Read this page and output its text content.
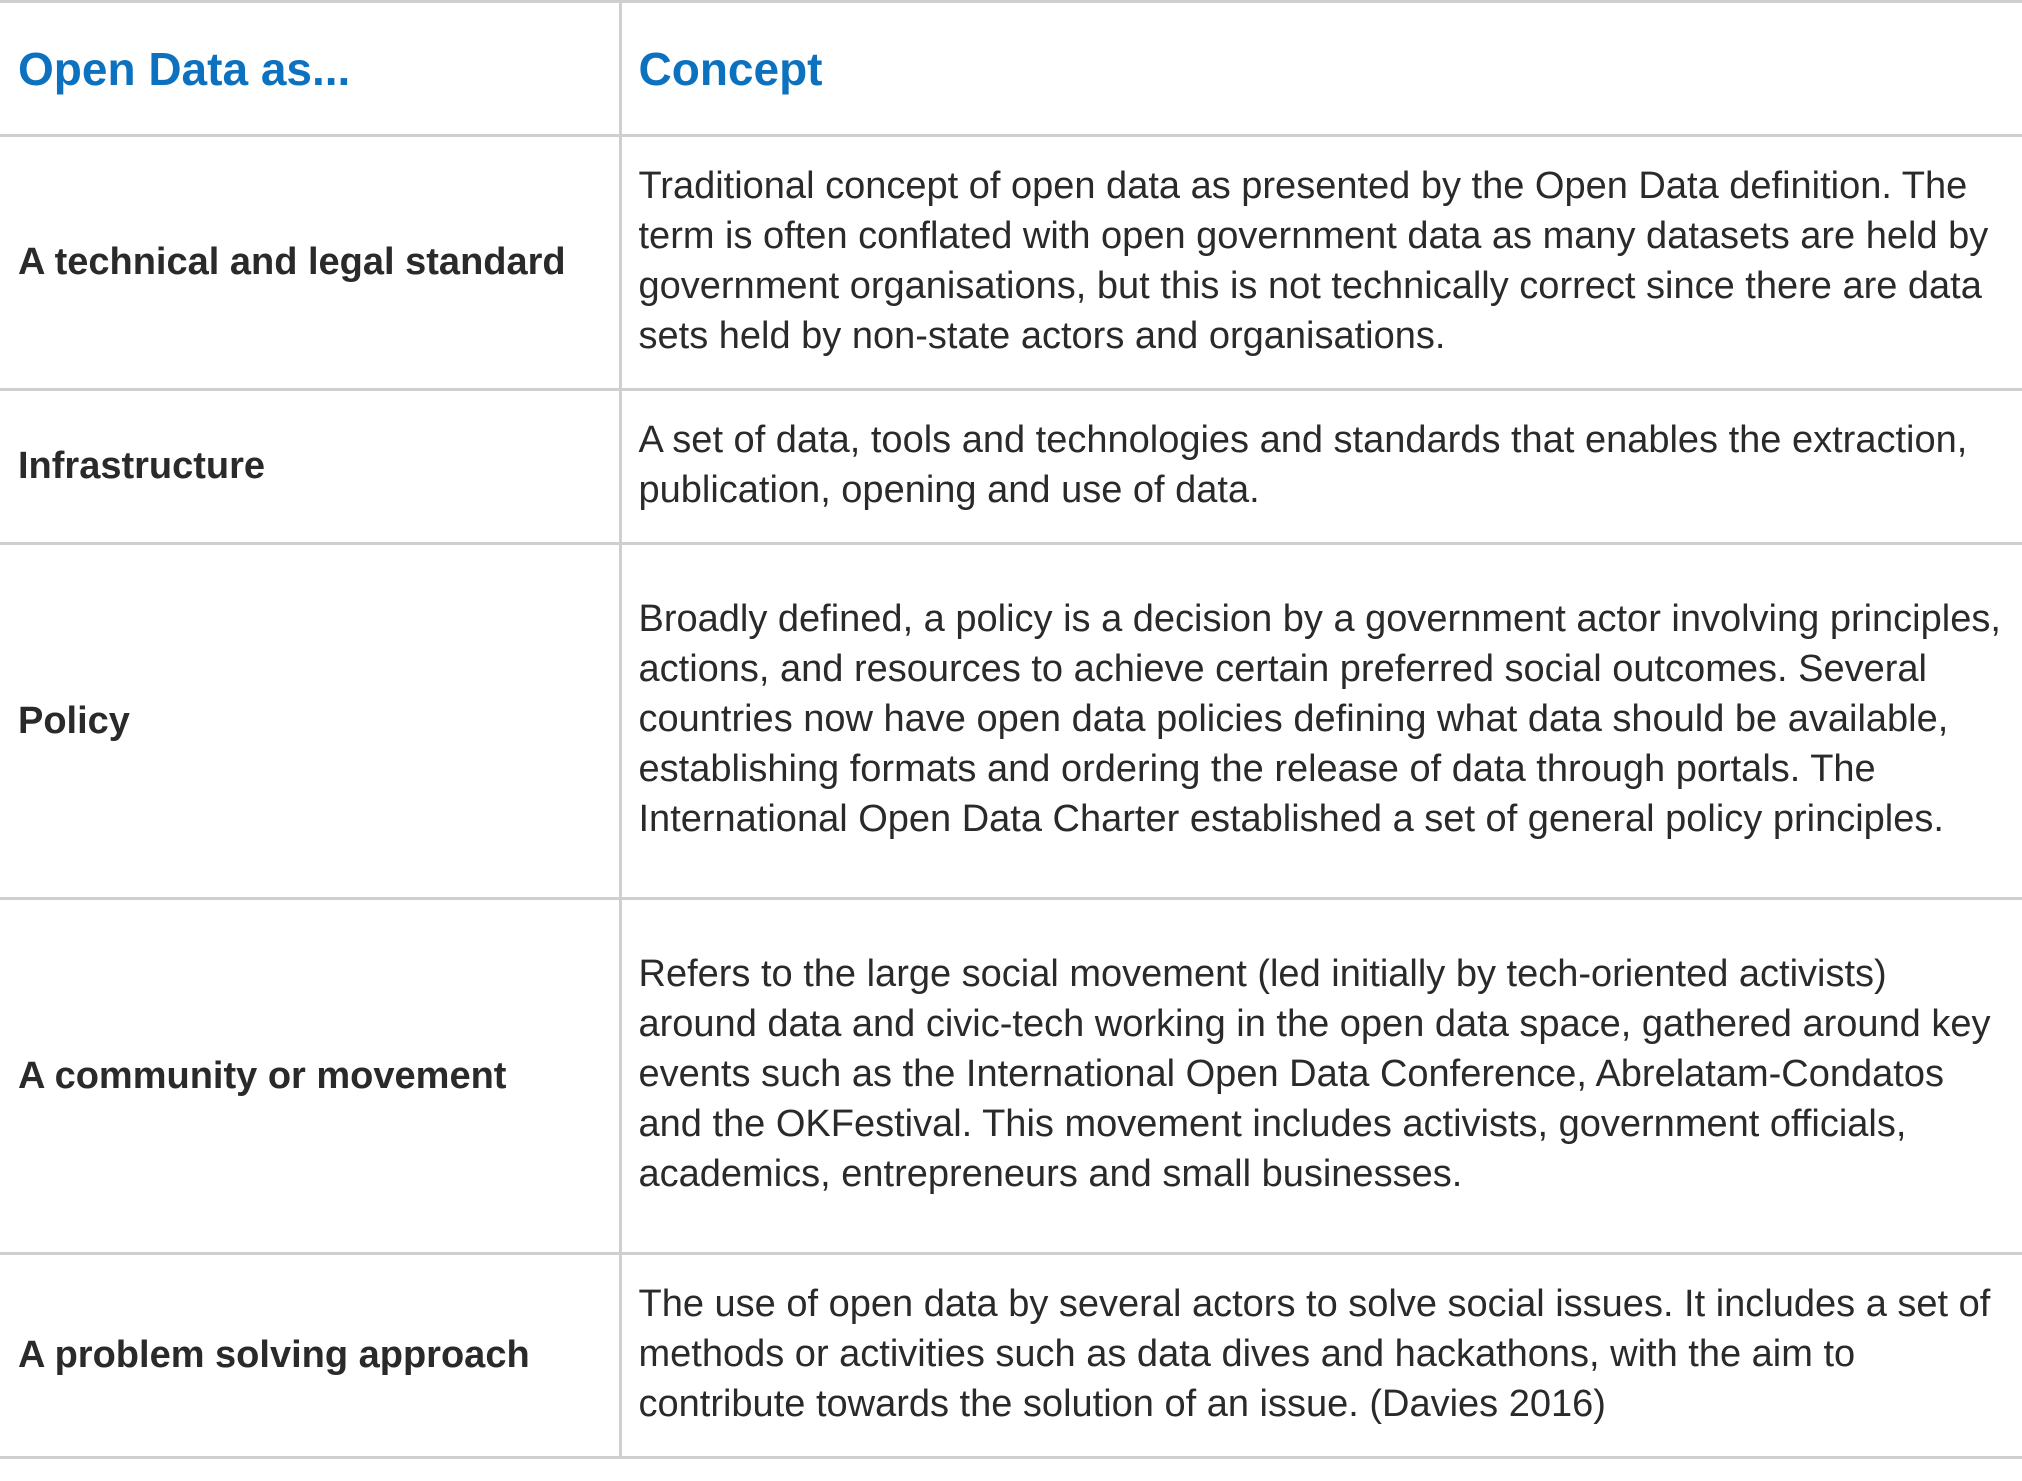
Open Data as...	Concept
A technical and legal standard	Traditional concept of open data as presented by the Open Data definition. The term is often conflated with open government data as many datasets are held by government organisations, but this is not technically correct since there are data sets held by non-state actors and organisations.
Infrastructure	A set of data, tools and technologies and standards that enables the extraction, publication, opening and use of data.
Policy	Broadly defined, a policy is a decision by a government actor involving principles, actions, and resources to achieve certain preferred social outcomes. Several countries now have open data policies defining what data should be available, establishing formats and ordering the release of data through portals. The International Open Data Charter established a set of general policy principles.
A community or movement	Refers to the large social movement (led initially by tech-oriented activists) around data and civic-tech working in the open data space, gathered around key events such as the International Open Data Conference, Abrelatam-Condatos and the OKFestival. This movement includes activists, government officials, academics, entrepreneurs and small businesses.
A problem solving approach	The use of open data by several actors to solve social issues. It includes a set of methods or activities such as data dives and hackathons, with the aim to contribute towards the solution of an issue. (Davies 2016)
